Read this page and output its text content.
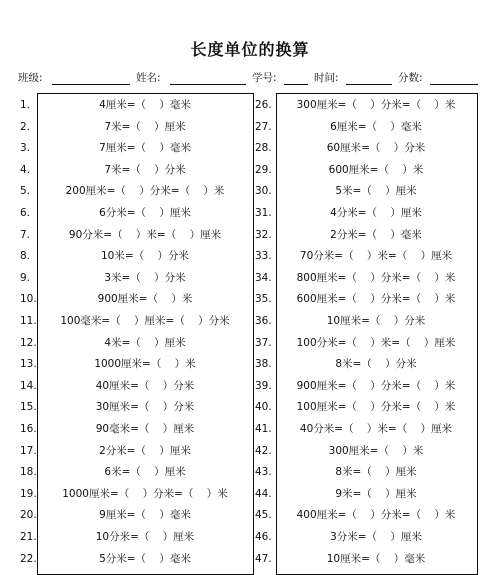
长度单位的换算
班级:	姓名:	学号:	时间:	分数:
1.	4厘米=（    ）毫米
2.	7米=（    ）厘米
3.	7厘米=（    ）毫米
4.	7米=（    ）分米
5.	200厘米=（    ）分米=（    ）米
6.	6分米=（    ）厘米
7.	90分米=（    ）米=（    ）厘米
8.	10米=（    ）分米
9.	3米=（    ）分米
10.	900厘米=（    ）米
11.	100毫米=（    ）厘米=（    ）分米
12.	4米=（    ）厘米
13.	1000厘米=（    ）米
14.	40厘米=（    ）分米
15.	30厘米=（    ）分米
16.	90毫米=（    ）厘米
17.	2分米=（    ）厘米
18.	6米=（    ）厘米
19.	1000厘米=（    ）分米=（    ）米
20.	9厘米=（    ）毫米
21.	10分米=（    ）厘米
22.	5分米=（    ）毫米
26.	300厘米=（    ）分米=（    ）米
27.	6厘米=（    ）毫米
28.	60厘米=（    ）分米
29.	600厘米=（    ）米
30.	5米=（    ）厘米
31.	4分米=（    ）厘米
32.	2分米=（    ）毫米
33.	70分米=（    ）米=（    ）厘米
34.	800厘米=（    ）分米=（    ）米
35.	600厘米=（    ）分米=（    ）米
36.	10厘米=（    ）分米
37.	100分米=（    ）米=（    ）厘米
38.	8米=（    ）分米
39.	900厘米=（    ）分米=（    ）米
40.	100厘米=（    ）分米=（    ）米
41.	40分米=（    ）米=（    ）厘米
42.	300厘米=（    ）米
43.	8米=（    ）厘米
44.	9米=（    ）厘米
45.	400厘米=（    ）分米=（    ）米
46.	3分米=（    ）厘米
47.	10厘米=（    ）毫米
